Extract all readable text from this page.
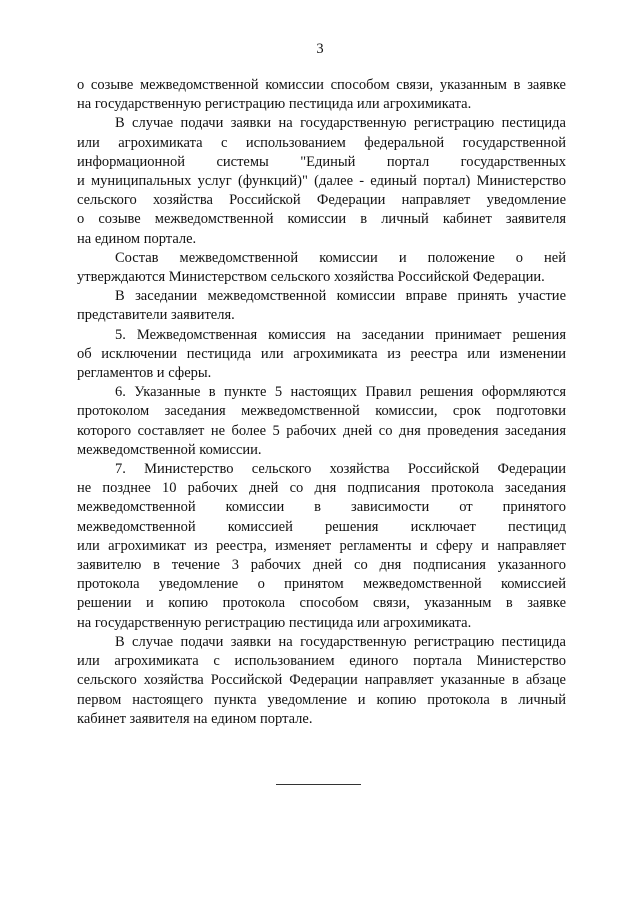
3
о созыве межведомственной комиссии способом связи, указанным в заявке
на государственную регистрацию пестицида или агрохимиката.
В случае подачи заявки на государственную регистрацию пестицида
или агрохимиката с использованием федеральной государственной
информационной системы "Единый портал государственных
и муниципальных услуг (функций)" (далее - единый портал) Министерство
сельского хозяйства Российской Федерации направляет уведомление
о созыве межведомственной комиссии в личный кабинет заявителя
на едином портале.
Состав межведомственной комиссии и положение о ней
утверждаются Министерством сельского хозяйства Российской Федерации.
В заседании межведомственной комиссии вправе принять участие
представители заявителя.
5. Межведомственная комиссия на заседании принимает решения
об исключении пестицида или агрохимиката из реестра или изменении
регламентов и сферы.
6. Указанные в пункте 5 настоящих Правил решения оформляются
протоколом заседания межведомственной комиссии, срок подготовки
которого составляет не более 5 рабочих дней со дня проведения заседания
межведомственной комиссии.
7. Министерство сельского хозяйства Российской Федерации
не позднее 10 рабочих дней со дня подписания протокола заседания
межведомственной комиссии в зависимости от принятого
межведомственной комиссией решения исключает пестицид
или агрохимикат из реестра, изменяет регламенты и сферу и направляет
заявителю в течение 3 рабочих дней со дня подписания указанного
протокола уведомление о принятом межведомственной комиссией
решении и копию протокола способом связи, указанным в заявке
на государственную регистрацию пестицида или агрохимиката.
В случае подачи заявки на государственную регистрацию пестицида
или агрохимиката с использованием единого портала Министерство
сельского хозяйства Российской Федерации направляет указанные в абзаце
первом настоящего пункта уведомление и копию протокола в личный
кабинет заявителя на едином портале.
